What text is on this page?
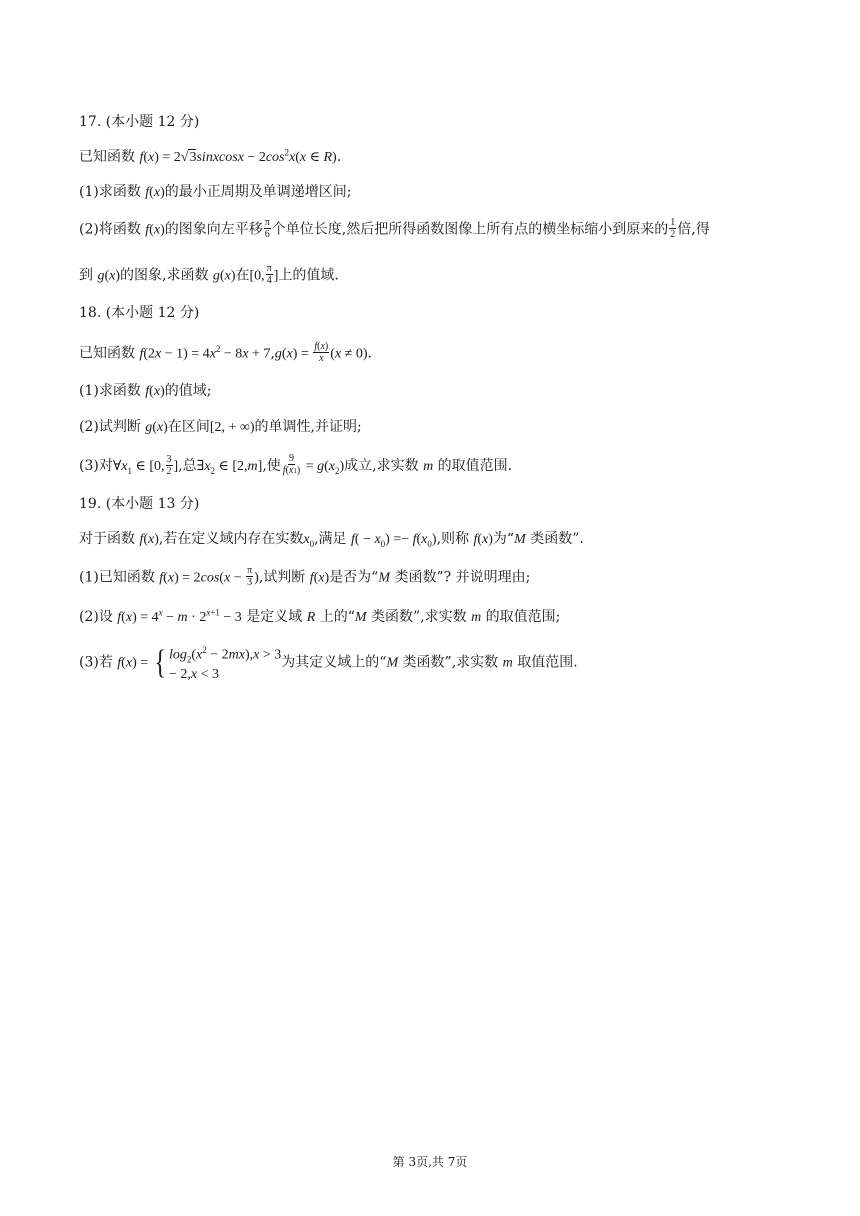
17. (本小题 12 分)
已知函数 f(x) = 2√3sinxcosx − $2\cos^2x(x$ ∈ R).
(1)求函数 f(x)的最小正周期及单调递增区间;
(2)将函数 f(x)的图象向左平移 $\frac{\pi}{6}$ 个单位长度,然后把所得函数图像上所有点的横坐标缩小到原来的 $\frac{1}{2}$ 倍,得
到 g(x)的图象,求函数 g(x)在[0, $\frac{\pi}{4}$ ]上的值域.
18. (本小题 12 分)
已知函数 $f(2x - 1) = 4x^2 - 8x + 7,g(x) = \frac{f(x)}{x} (x \ne 0)$.
(1)求函数 f(x)的值域;
(2)试判断 g(x)在区间[2, + ∞)的单调性,并证明;
(3)对$\forall x_1$ ∈ [0, $\frac{3}{2}$ ],总$\exists x_2$ ∈ [2,m],使 $\frac{9}{f(x1)} = g(x_2)$成立,求实数 m 的取值范围.
19. (本小题 13 分)
对于函数 f(x),若在定义域内存在实数$x_0$,满足 $f( - x_0) =- f(x_0)$,则称 f(x)为“M 类函数”.
(1)已知函数 $f(x) = 2\cos(x - \frac{\pi}{3}$ ),试判断 f(x)是否为“M 类函数”? 并说明理由;
(2)设 $f(x) = 4^x - m \cdot 2^{x+1} - 3$ 是定义域 R 上的“M 类函数”,求实数 m 的取值范围;
(3)若 f(x) = { $\log_2(x^2 - 2mx),x > 3$
− 2,x < 3
为其定义域上的“M 类函数”,求实数 m 取值范围.
第 3页,共 7页
